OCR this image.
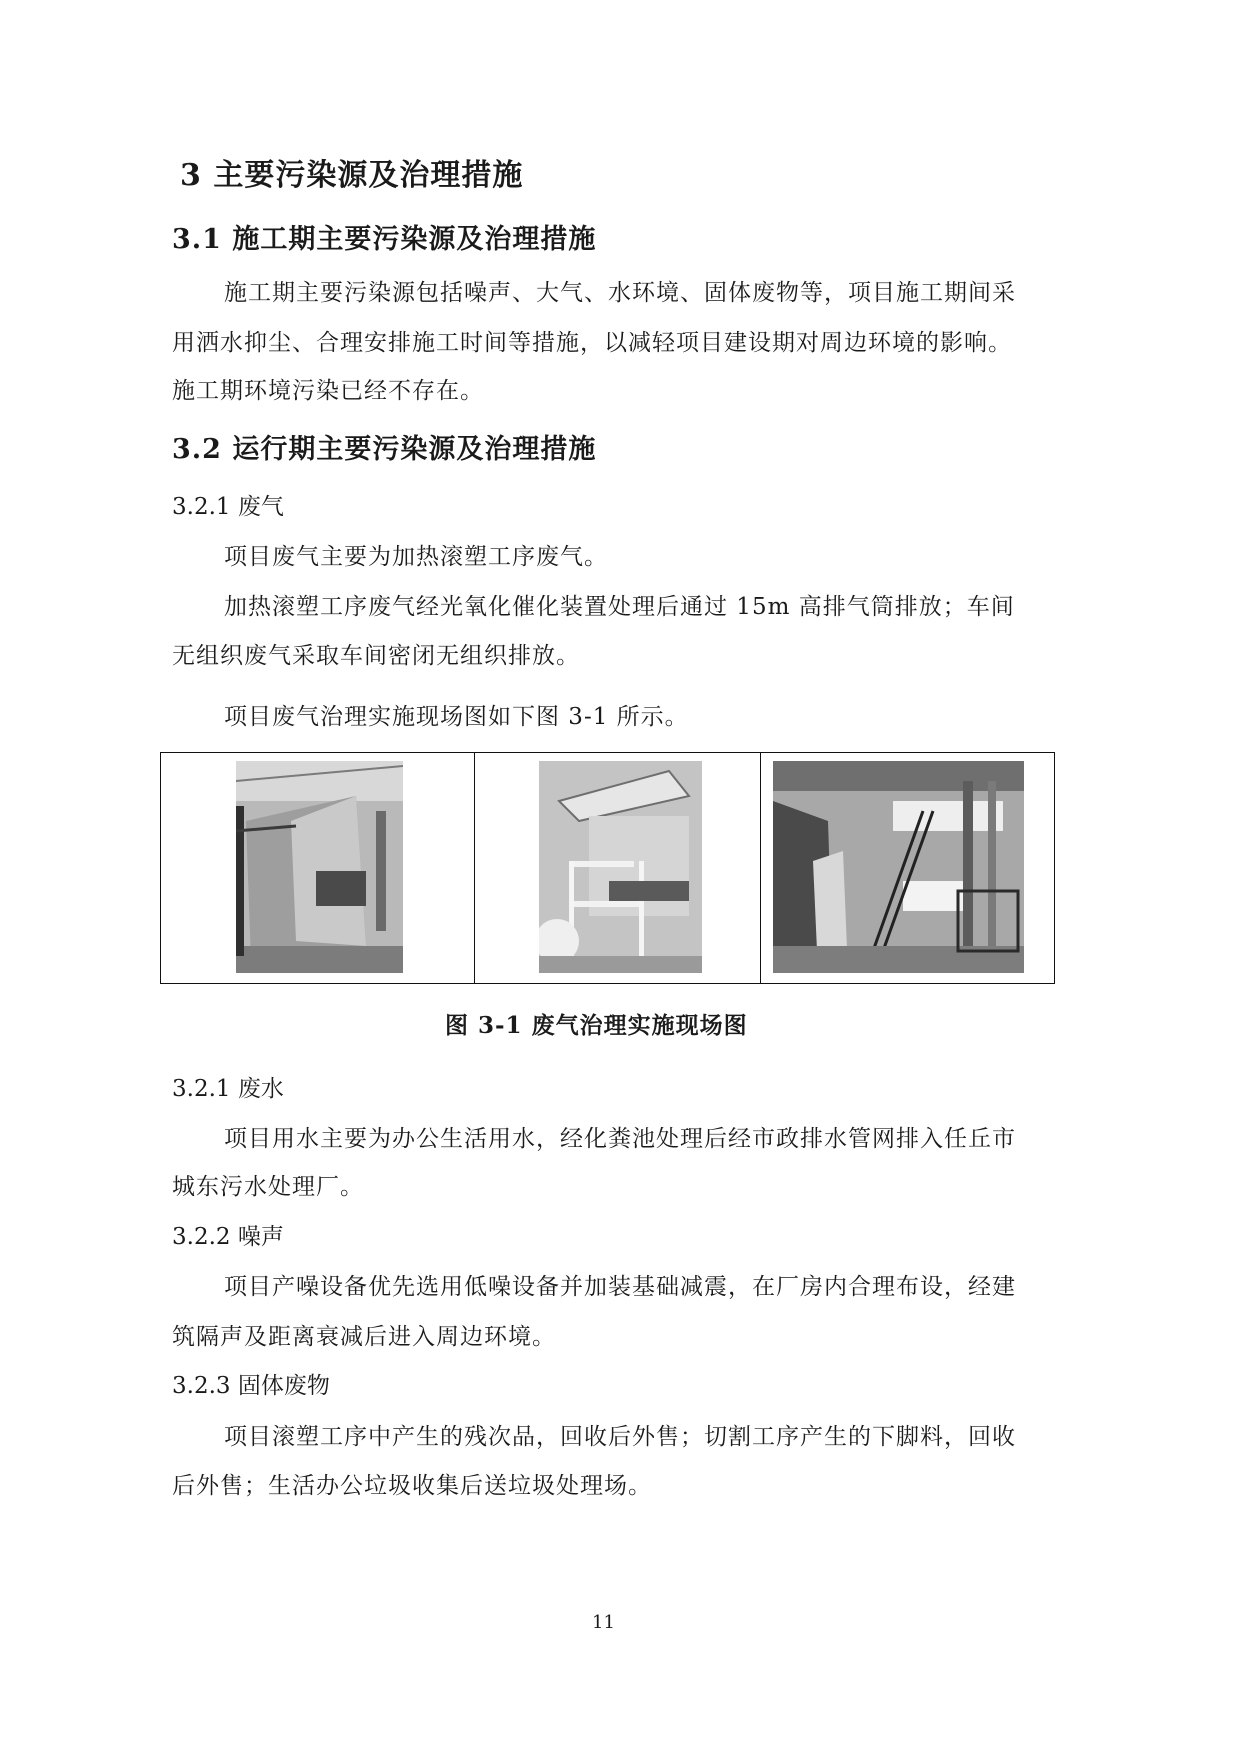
3 主要污染源及治理措施
3.1 施工期主要污染源及治理措施
施工期主要污染源包括噪声、大气、水环境、固体废物等，项目施工期间采
用洒水抑尘、合理安排施工时间等措施，以减轻项目建设期对周边环境的影响。
施工期环境污染已经不存在。
3.2 运行期主要污染源及治理措施
3.2.1 废气
项目废气主要为加热滚塑工序废气。
加热滚塑工序废气经光氧化催化装置处理后通过 15m 高排气筒排放；车间
无组织废气采取车间密闭无组织排放。
项目废气治理实施现场图如下图 3-1 所示。
图 3-1 废气治理实施现场图
3.2.1 废水
项目用水主要为办公生活用水，经化粪池处理后经市政排水管网排入任丘市
城东污水处理厂。
3.2.2 噪声
项目产噪设备优先选用低噪设备并加装基础减震，在厂房内合理布设，经建
筑隔声及距离衰减后进入周边环境。
3.2.3 固体废物
项目滚塑工序中产生的残次品，回收后外售；切割工序产生的下脚料，回收
后外售；生活办公垃圾收集后送垃圾处理场。
11
